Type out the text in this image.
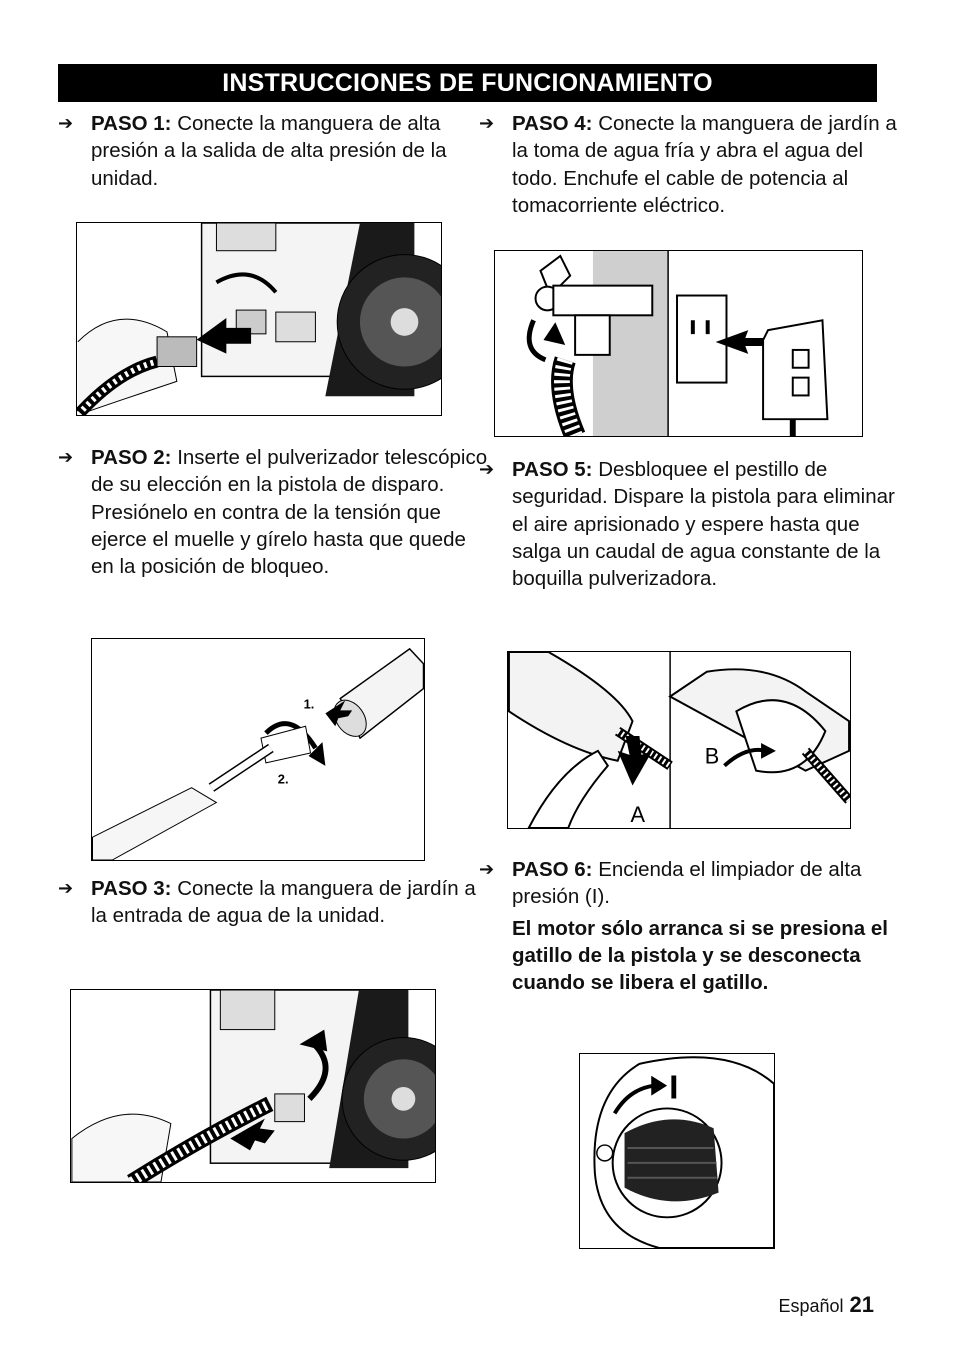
INSTRUCCIONES DE FUNCIONAMIENTO
➔ PASO 1: Conecte la manguera de alta presión a la salida de alta presión de la unidad.
➔ PASO 2: Inserte el pulverizador telescópico de su elección en la pistola de disparo. Presiónelo en contra de la tensión que ejerce el muelle y gírelo hasta que quede en la posición de bloqueo.
1.
2.
➔ PASO 3: Conecte la manguera de jardín a la entrada de agua de la unidad.
➔ PASO 4: Conecte la manguera de jardín a la toma de agua fría y abra el agua del todo. Enchufe el cable de potencia al tomacorriente eléctrico.
➔ PASO 5: Desbloquee el pestillo de seguridad. Dispare la pistola para eliminar el aire aprisionado y espere hasta que salga un caudal de agua constante de la boquilla pulverizadora.
A
B
➔ PASO 6: Encienda el limpiador de alta presión (I).
El motor sólo arranca si se presiona el gatillo de la pistola y se desconecta cuando se libera el gatillo.
I
Español 21
